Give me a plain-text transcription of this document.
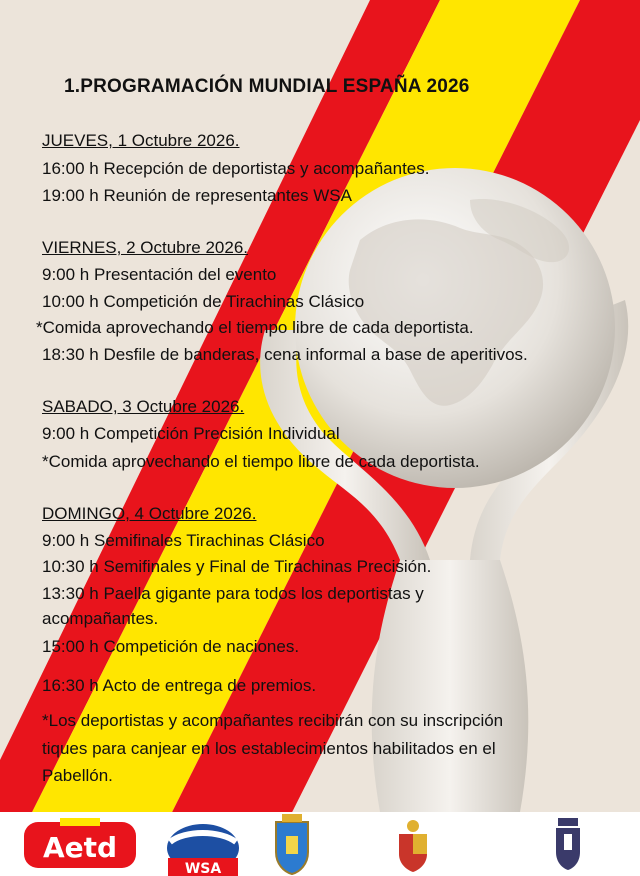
1.PROGRAMACIÓN MUNDIAL ESPAÑA 2026

JUEVES, 1 Octubre 2026.

16:00 h Recepción de deportistas y acompañantes.

19:00 h Reunión de representantes WSA

VIERNES, 2 Octubre 2026.

9:00 h Presentación del evento

10:00 h Competición de Tirachinas Clásico

*Comida aprovechando el tiempo libre de cada deportista.

18:30 h Desfile de banderas, cena informal a base de aperitivos.

SABADO, 3 Octubre 2026.

9:00 h Competición Precisión Individual

*Comida aprovechando el tiempo libre de cada deportista.

DOMINGO, 4 Octubre 2026.

9:00 h Semifinales Tirachinas Clásico

10:30 h Semifinales y Final de Tirachinas Precisión.

13:30 h Paella gigante para todos los deportistas y

acompañantes.

15:00 h Competición de naciones.

16:30 h Acto de entrega de premios.

*Los deportistas y acompañantes recibirán con su inscripción

tiques para canjear en los establecimientos habilitados en el

Pabellón.

Aetd
WSA
